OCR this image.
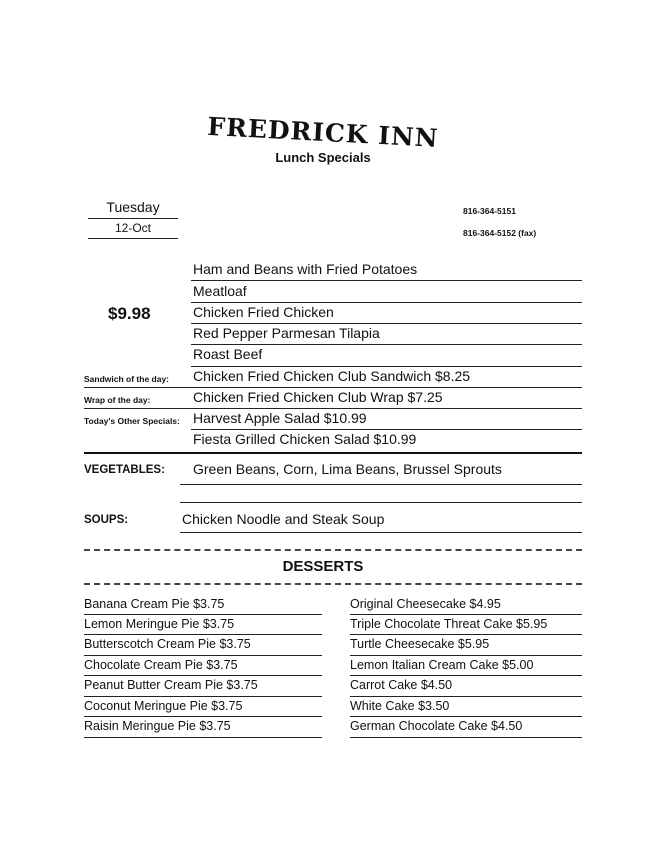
FREDRICK INN
Lunch Specials
Tuesday
12-Oct
816-364-5151
816-364-5152 (fax)
$9.98
Ham and Beans with Fried Potatoes
Meatloaf
Chicken Fried Chicken
Red Pepper Parmesan Tilapia
Roast Beef
Sandwich of the day: Chicken Fried Chicken Club Sandwich $8.25
Wrap of the day:	Chicken Fried Chicken Club Wrap $7.25
Today's Other Specials: Harvest Apple Salad $10.99
Fiesta Grilled Chicken Salad $10.99
VEGETABLES: Green Beans, Corn, Lima Beans, Brussel Sprouts
SOUPS:	Chicken Noodle and Steak Soup
DESSERTS
Banana Cream Pie $3.75
Lemon Meringue Pie $3.75
Butterscotch Cream Pie $3.75
Chocolate Cream Pie $3.75
Peanut Butter Cream Pie $3.75
Coconut Meringue Pie $3.75
Raisin Meringue Pie $3.75
Original Cheesecake $4.95
Triple Chocolate Threat Cake $5.95
Turtle Cheesecake $5.95
Lemon Italian Cream Cake $5.00
Carrot Cake $4.50
White Cake $3.50
German Chocolate Cake $4.50
